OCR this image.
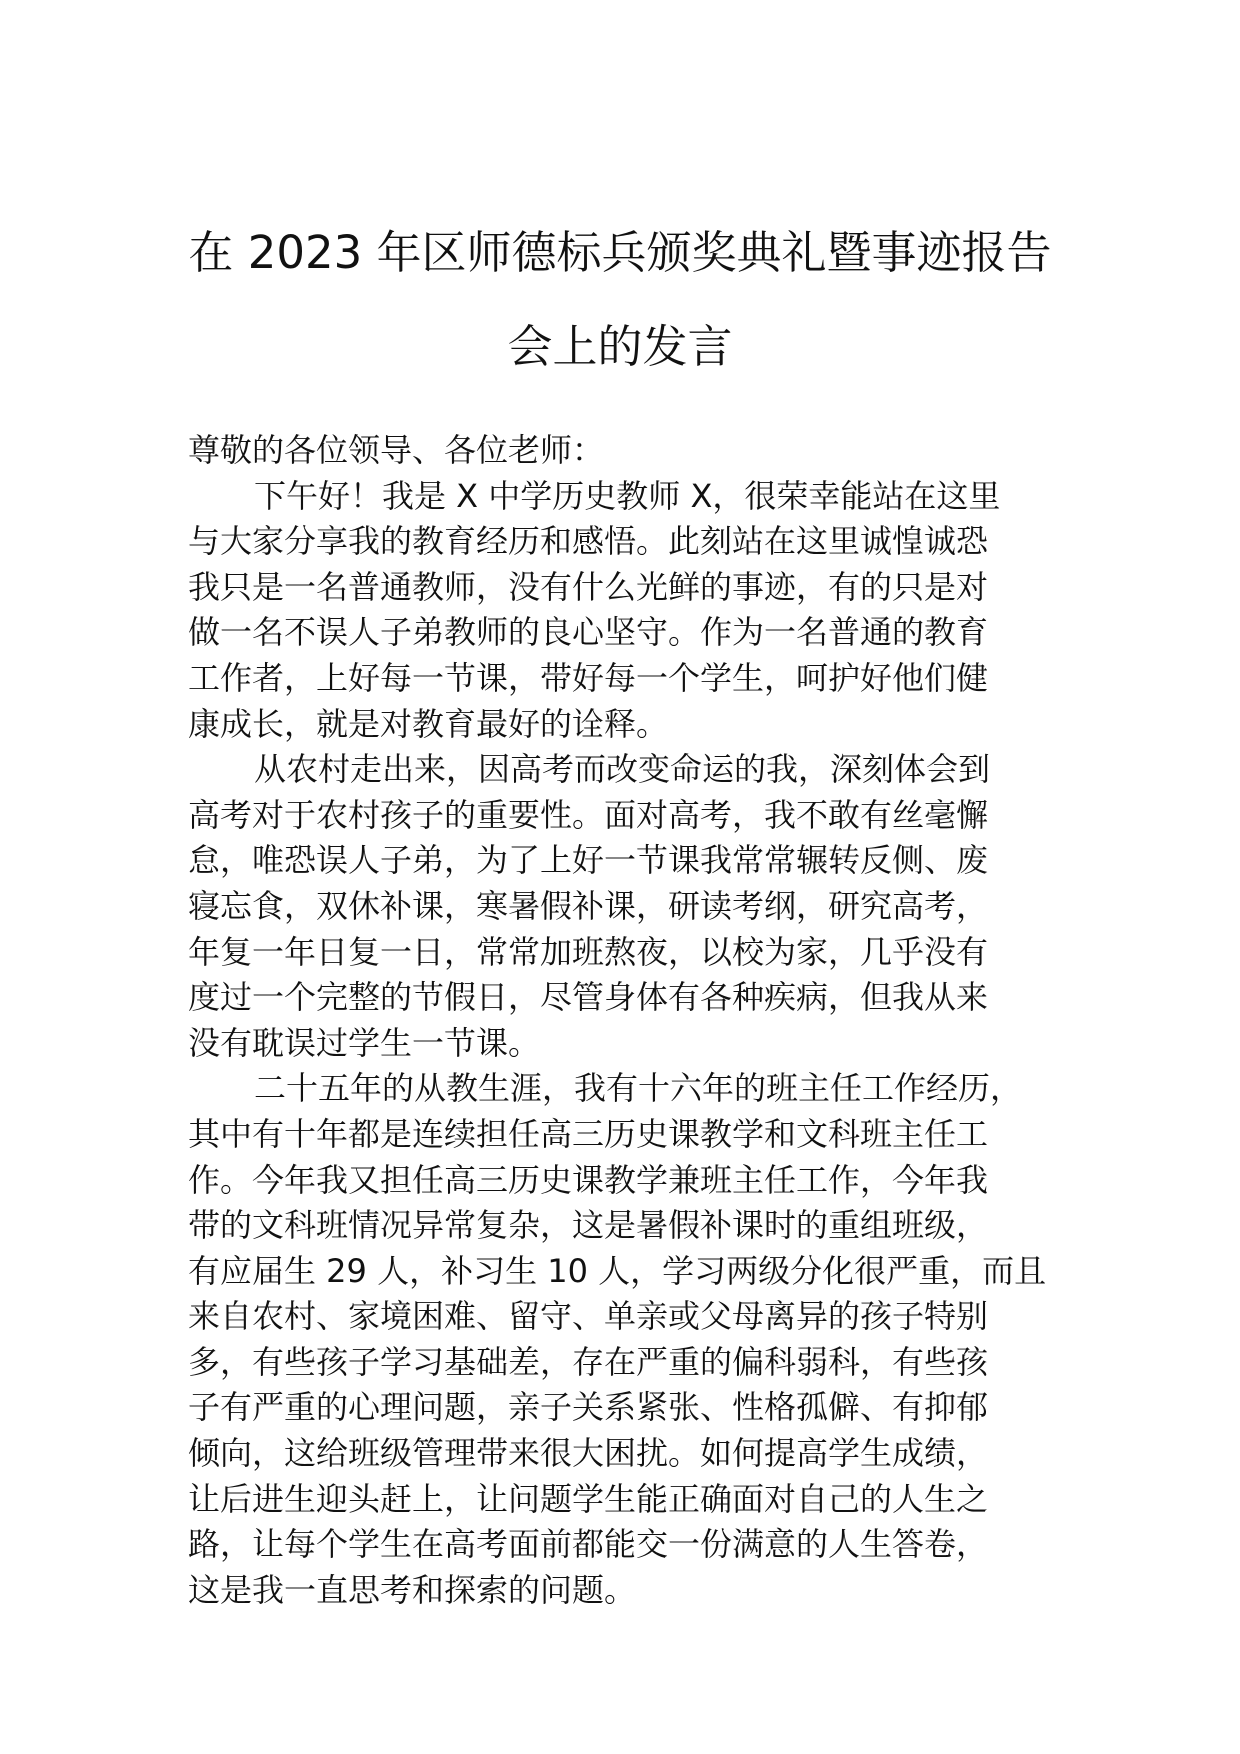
在 2023 年区师德标兵颁奖典礼暨事迹报告
会上的发言
尊敬的各位领导、各位老师：
下午好！我是 X 中学历史教师 X，很荣幸能站在这里
与大家分享我的教育经历和感悟。此刻站在这里诚惶诚恐
我只是一名普通教师，没有什么光鲜的事迹，有的只是对
做一名不误人子弟教师的良心坚守。作为一名普通的教育
工作者，上好每一节课，带好每一个学生，呵护好他们健
康成长，就是对教育最好的诠释。
从农村走出来，因高考而改变命运的我，深刻体会到
高考对于农村孩子的重要性。面对高考，我不敢有丝毫懈
怠，唯恐误人子弟，为了上好一节课我常常辗转反侧、废
寝忘食，双休补课，寒暑假补课，研读考纲，研究高考，
年复一年日复一日，常常加班熬夜，以校为家，几乎没有
度过一个完整的节假日，尽管身体有各种疾病，但我从来
没有耽误过学生一节课。
二十五年的从教生涯，我有十六年的班主任工作经历，
其中有十年都是连续担任高三历史课教学和文科班主任工
作。今年我又担任高三历史课教学兼班主任工作，今年我
带的文科班情况异常复杂，这是暑假补课时的重组班级，
有应届生 29 人，补习生 10 人，学习两级分化很严重，而且
来自农村、家境困难、留守、单亲或父母离异的孩子特别
多，有些孩子学习基础差，存在严重的偏科弱科，有些孩
子有严重的心理问题，亲子关系紧张、性格孤僻、有抑郁
倾向，这给班级管理带来很大困扰。如何提高学生成绩，
让后进生迎头赶上，让问题学生能正确面对自己的人生之
路，让每个学生在高考面前都能交一份满意的人生答卷，
这是我一直思考和探索的问题。
